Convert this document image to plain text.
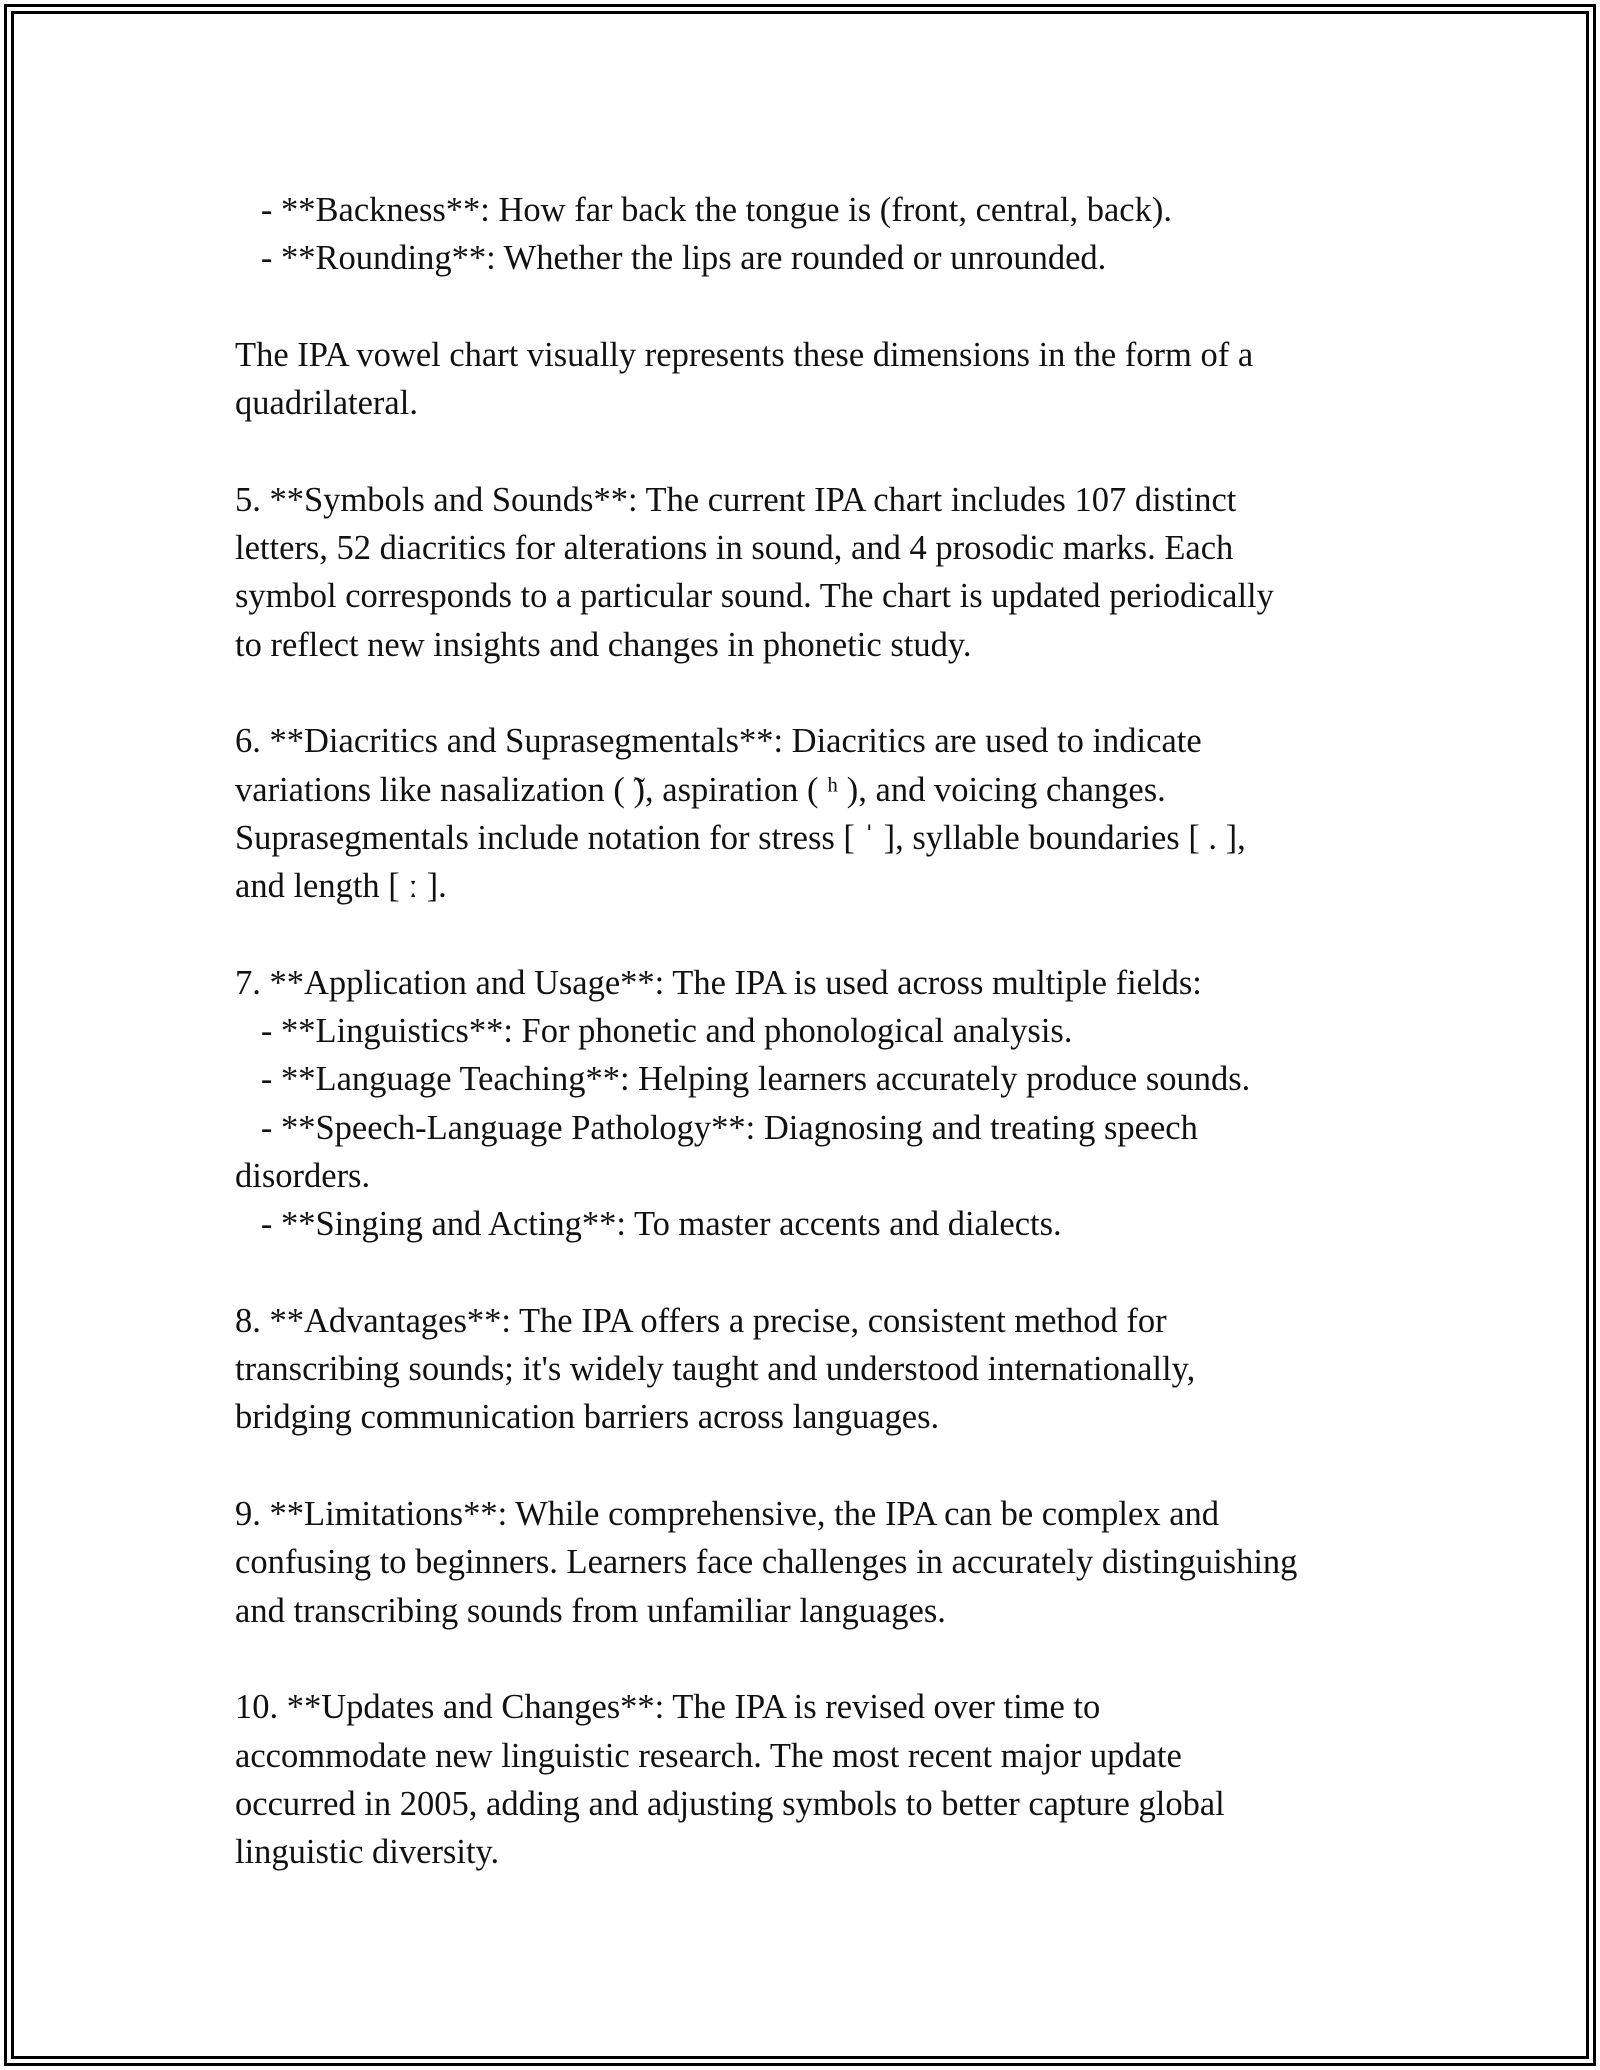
- **Backness**: How far back the tongue is (front, central, back).
- **Rounding**: Whether the lips are rounded or unrounded.
The IPA vowel chart visually represents these dimensions in the form of a
quadrilateral.
5. **Symbols and Sounds**: The current IPA chart includes 107 distinct
letters, 52 diacritics for alterations in sound, and 4 prosodic marks. Each
symbol corresponds to a particular sound. The chart is updated periodically
to reflect new insights and changes in phonetic study.
6. **Diacritics and Suprasegmentals**: Diacritics are used to indicate
variations like nasalization ( ̃), aspiration ( ʰ ), and voicing changes.
Suprasegmentals include notation for stress [ ˈ ], syllable boundaries [ . ],
and length [ ː ].
7. **Application and Usage**: The IPA is used across multiple fields:
- **Linguistics**: For phonetic and phonological analysis.
- **Language Teaching**: Helping learners accurately produce sounds.
- **Speech-Language Pathology**: Diagnosing and treating speech
disorders.
- **Singing and Acting**: To master accents and dialects.
8. **Advantages**: The IPA offers a precise, consistent method for
transcribing sounds; it's widely taught and understood internationally,
bridging communication barriers across languages.
9. **Limitations**: While comprehensive, the IPA can be complex and
confusing to beginners. Learners face challenges in accurately distinguishing
and transcribing sounds from unfamiliar languages.
10. **Updates and Changes**: The IPA is revised over time to
accommodate new linguistic research. The most recent major update
occurred in 2005, adding and adjusting symbols to better capture global
linguistic diversity.
